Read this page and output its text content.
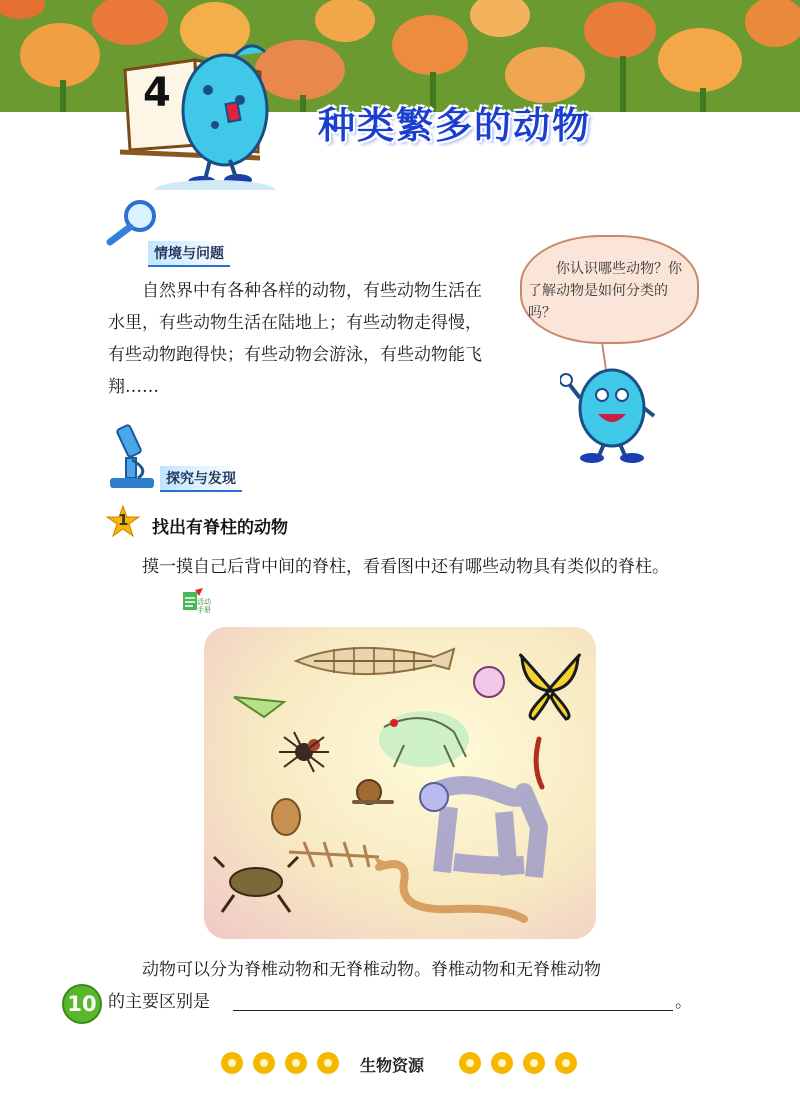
4
种类繁多的动物
情境与问题
自然界中有各种各样的动物，有些动物生活在水里，有些动物生活在陆地上；有些动物走得慢，有些动物跑得快；有些动物会游泳，有些动物能飞翔……
你认识哪些动物？你了解动物是如何分类的吗？
探究与发现
1 找出有脊柱的动物
摸一摸自己后背中间的脊柱，看看图中还有哪些动物具有类似的脊柱。
活动手册
动物可以分为脊椎动物和无脊椎动物。脊椎动物和无脊椎动物
的主要区别是	。
10
生物资源
